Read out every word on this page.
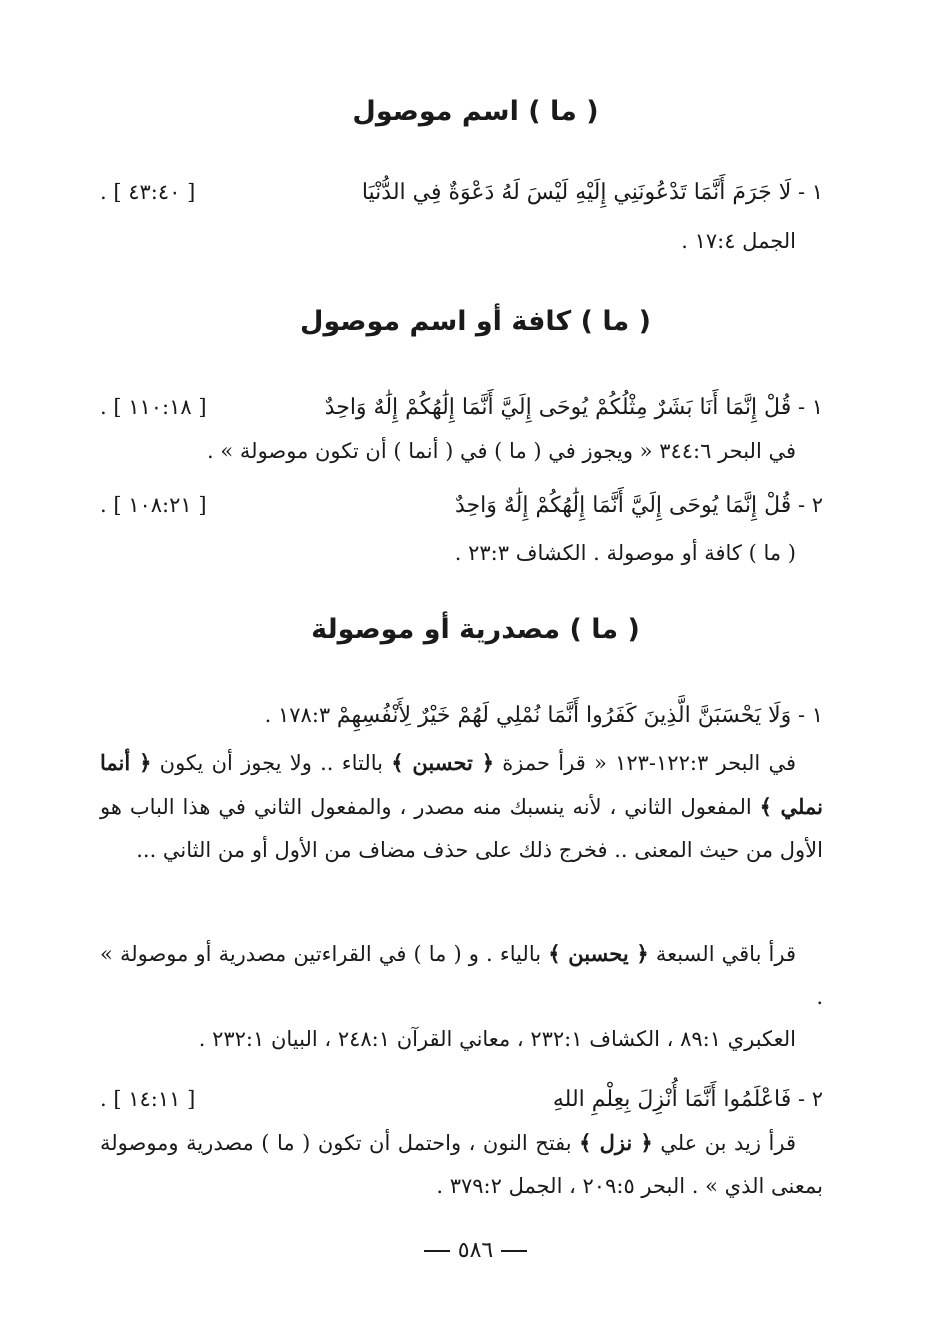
( ما ) اسم موصول
١ - لَا جَرَمَ أَنَّمَا تَدْعُونَنِي إِلَيْهِ لَيْسَ لَهُ دَعْوَةٌ فِي الدُّنْيَا
[ ٤٣:٤٠ ] .
الجمل ١٧:٤ .
( ما ) كافة أو اسم موصول
١ - قُلْ إِنَّمَا أَنَا بَشَرٌ مِثْلُكُمْ يُوحَى إِلَيَّ أَنَّمَا إِلَٰهُكُمْ إِلَٰهٌ وَاحِدٌ
[ ١١٠:١٨ ] .
في البحر ٣٤٤:٦ « ويجوز في ( ما ) في ( أنما ) أن تكون موصولة » .
٢ - قُلْ إِنَّمَا يُوحَى إِلَيَّ أَنَّمَا إِلَٰهُكُمْ إِلَٰهٌ وَاحِدٌ
[ ١٠٨:٢١ ] .
( ما ) كافة أو موصولة . الكشاف ٢٣:٣ .
( ما ) مصدرية أو موصولة
١ - وَلَا يَحْسَبَنَّ الَّذِينَ كَفَرُوا أَنَّمَا نُمْلِي لَهُمْ خَيْرٌ لِأَنْفُسِهِمْ ١٧٨:٣ .
في البحر ١٢٢:٣-١٢٣ « قرأ حمزة ﴿ تحسبن ﴾ بالتاء .. ولا يجوز أن يكون ﴿ أنما نملي ﴾ المفعول الثاني ، لأنه ينسبك منه مصدر ، والمفعول الثاني في هذا الباب هو الأول من حيث المعنى .. فخرج ذلك على حذف مضاف من الأول أو من الثاني ...
قرأ باقي السبعة ﴿ يحسبن ﴾ بالياء . و ( ما ) في القراءتين مصدرية أو موصولة » .
العكبري ٨٩:١ ، الكشاف ٢٣٢:١ ، معاني القرآن ٢٤٨:١ ، البيان ٢٣٢:١ .
٢ - فَاعْلَمُوا أَنَّمَا أُنْزِلَ بِعِلْمِ اللهِ
[ ١٤:١١ ] .
قرأ زيد بن علي ﴿ نزل ﴾ بفتح النون ، واحتمل أن تكون ( ما ) مصدرية وموصولة بمعنى الذي » . البحر ٢٠٩:٥ ، الجمل ٣٧٩:٢ .
٥٨٦
